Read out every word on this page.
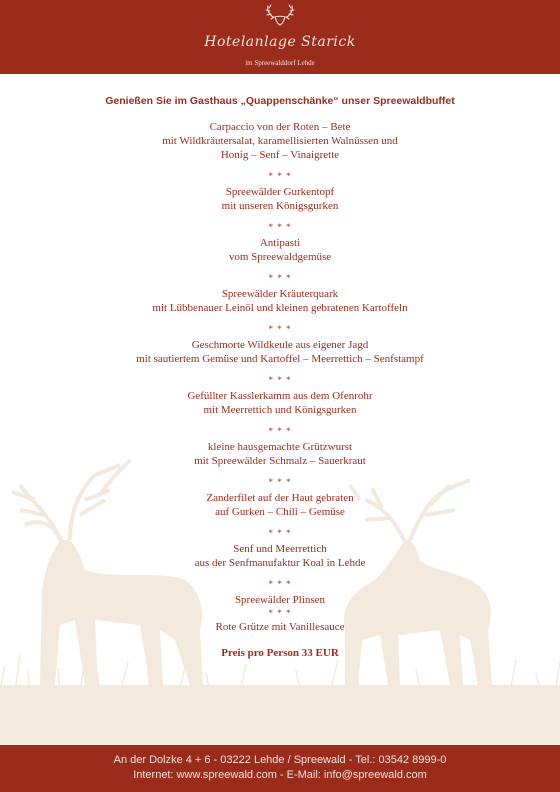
Hotelanlage Starick
im Spreewalddorf Lehde
Genießen Sie im Gasthaus „Quappenschänke“ unser Spreewaldbuffet

Carpaccio von der Roten – Bete

mit Wildkräutersalat, karamellisierten Walnüssen und

Honig – Senf – Vinaigrette

* * *

Spreewälder Gurkentopf

mit unseren Königsgurken

* * *

Antipasti

vom Spreewaldgemüse

* * *

Spreewälder Kräuterquark

mit Lübbenauer Leinöl und kleinen gebratenen Kartoffeln

* * *

Geschmorte Wildkeule aus eigener Jagd

mit sautiertem Gemüse und Kartoffel – Meerrettich – Senfstampf

* * *

Gefüllter Kasslerkamm aus dem Ofenrohr

mit Meerrettich und Königsgurken

* * *

kleine hausgemachte Grützwurst

mit Spreewälder Schmalz – Sauerkraut

* * *

Zanderfilet auf der Haut gebraten

auf Gurken – Chili – Gemüse

* * *

Senf und Meerrettich

aus der Senfmanufaktur Koal in Lehde

* * *

Spreewälder Plinsen

* * *

Rote Grütze mit Vanillesauce

Preis pro Person 33 EUR
An der Dolzke 4 + 6 - 03222 Lehde / Spreewald - Tel.: 03542 8999-0
Internet: www.spreewald.com - E-Mail: info@spreewald.com
